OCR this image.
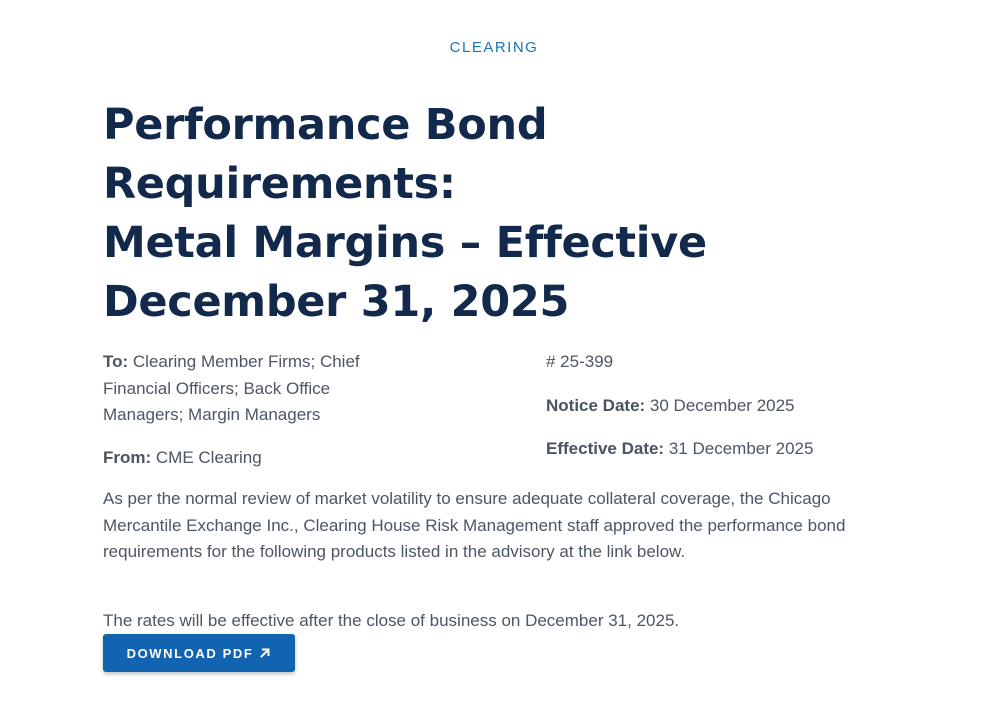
CLEARING
Performance Bond Requirements:
Metal Margins – Effective
December 31, 2025

To: Clearing Member Firms; Chief Financial Officers; Back Office Managers; Margin Managers

From: CME Clearing

# 25-399

Notice Date: 30 December 2025

Effective Date: 31 December 2025

As per the normal review of market volatility to ensure adequate collateral coverage, the Chicago Mercantile Exchange Inc., Clearing House Risk Management staff approved the performance bond requirements for the following products listed in the advisory at the link below.

The rates will be effective after the close of business on December 31, 2025.

DOWNLOAD PDF
